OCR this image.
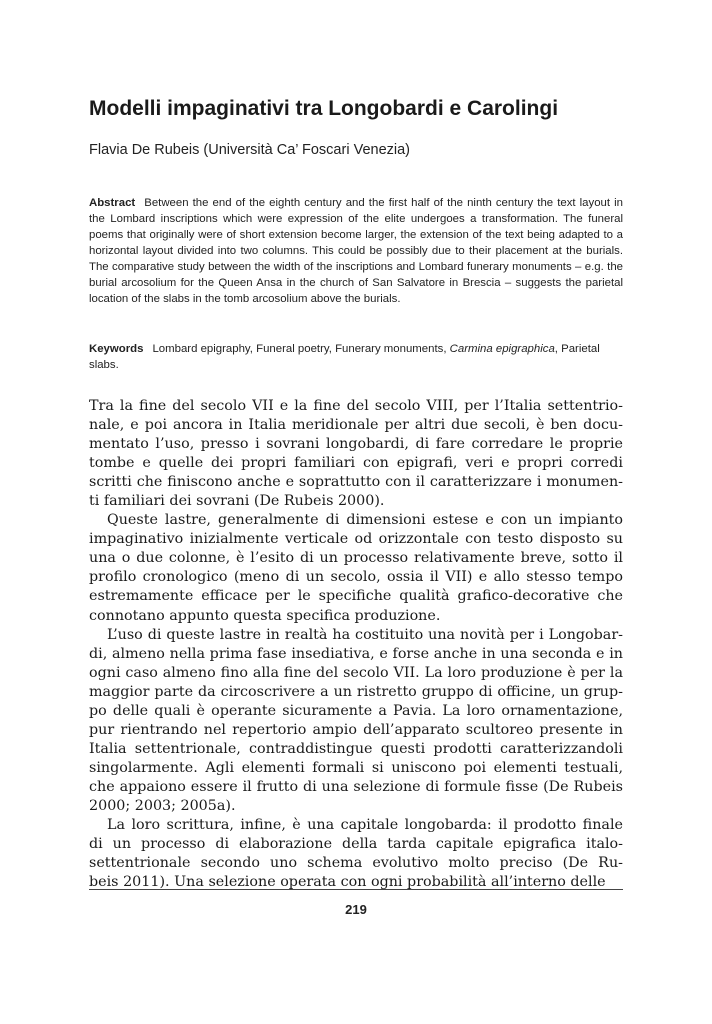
Modelli impaginativi tra Longobardi e Carolingi
Flavia De Rubeis (Università Ca’ Foscari Venezia)
Abstract Between the end of the eighth century and the first half of the ninth century the text layout in the Lombard inscriptions which were expression of the elite undergoes a transformation. The funeral poems that originally were of short extension become larger, the extension of the text being adapted to a horizontal layout divided into two columns. This could be possibly due to their placement at the burials. The comparative study between the width of the inscriptions and Lombard funerary monuments – e.g. the burial arcosolium for the Queen Ansa in the church of San Salvatore in Brescia – suggests the parietal location of the slabs in the tomb arcosolium above the burials.
Keywords Lombard epigraphy, Funeral poetry, Funerary monuments, Carmina epigraphica, Parietal slabs.

Tra la fine del secolo VII e la fine del secolo VIII, per l’Italia settentrio-
nale, e poi ancora in Italia meridionale per altri due secoli, è ben docu-
mentato l’uso, presso i sovrani longobardi, di fare corredare le proprie
tombe e quelle dei propri familiari con epigrafi, veri e propri corredi
scritti che finiscono anche e soprattutto con il caratterizzare i monumen-
ti familiari dei sovrani (De Rubeis 2000).

Queste lastre, generalmente di dimensioni estese e con un impianto
impaginativo inizialmente verticale od orizzontale con testo disposto su
una o due colonne, è l’esito di un processo relativamente breve, sotto il
profilo cronologico (meno di un secolo, ossia il VII) e allo stesso tempo
estremamente efficace per le specifiche qualità grafico-decorative che
connotano appunto questa specifica produzione.

L’uso di queste lastre in realtà ha costituito una novità per i Longobar-
di, almeno nella prima fase insediativa, e forse anche in una seconda e in
ogni caso almeno fino alla fine del secolo VII. La loro produzione è per la
maggior parte da circoscrivere a un ristretto gruppo di officine, un grup-
po delle quali è operante sicuramente a Pavia. La loro ornamentazione,
pur rientrando nel repertorio ampio dell’apparato scultoreo presente in
Italia settentrionale, contraddistingue questi prodotti caratterizzandoli
singolarmente. Agli elementi formali si uniscono poi elementi testuali,
che appaiono essere il frutto di una selezione di formule fisse (De Rubeis
2000; 2003; 2005a).

La loro scrittura, infine, è una capitale longobarda: il prodotto finale
di un processo di elaborazione della tarda capitale epigrafica italo-
settentrionale secondo uno schema evolutivo molto preciso (De Ru-
beis 2011). Una selezione operata con ogni probabilità all’interno delle

219
